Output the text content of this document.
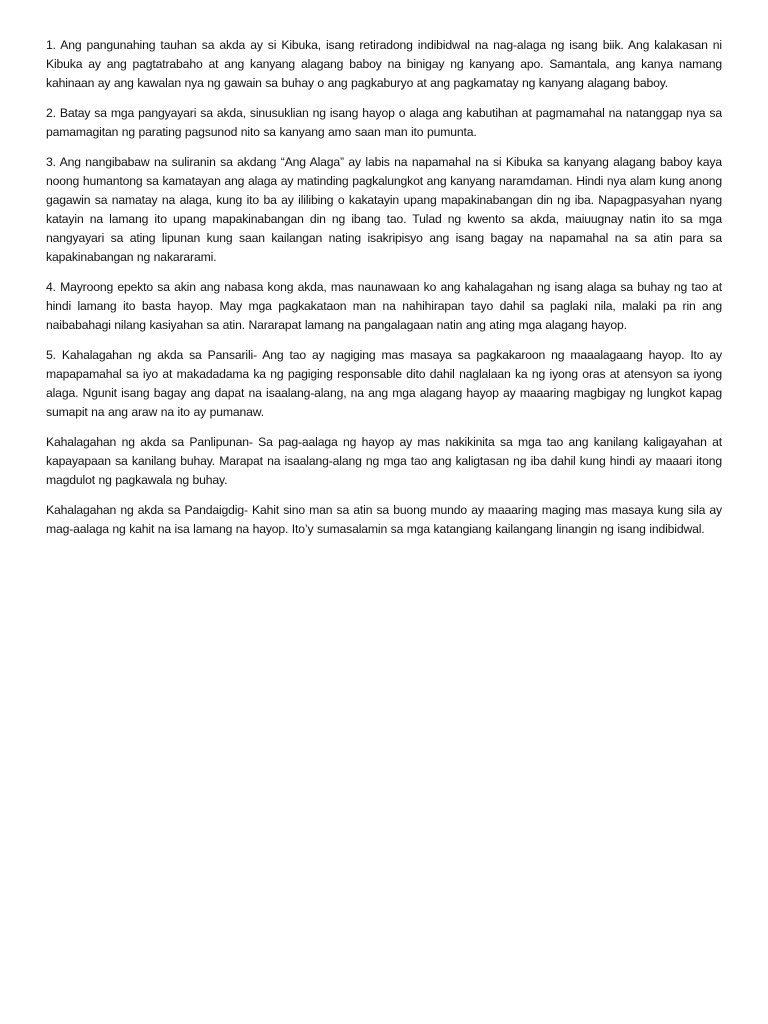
1. Ang pangunahing tauhan sa akda ay si Kibuka, isang retiradong indibidwal na nag-alaga ng isang biik. Ang kalakasan ni Kibuka ay ang pagtatrabaho at ang kanyang alagang baboy na binigay ng kanyang apo. Samantala, ang kanya namang kahinaan ay ang kawalan nya ng gawain sa buhay o ang pagkaburyo at ang pagkamatay ng kanyang alagang baboy.

2. Batay sa mga pangyayari sa akda, sinusuklian ng isang hayop o alaga ang kabutihan at pagmamahal na natanggap nya sa pamamagitan ng parating pagsunod nito sa kanyang amo saan man ito pumunta.

3. Ang nangibabaw na suliranin sa akdang “Ang Alaga” ay labis na napamahal na si Kibuka sa kanyang alagang baboy kaya noong humantong sa kamatayan ang alaga ay matinding pagkalungkot ang kanyang naramdaman. Hindi nya alam kung anong gagawin sa namatay na alaga, kung ito ba ay ililibing o kakatayin upang mapakinabangan din ng iba. Napagpasyahan nyang katayin na lamang ito upang mapakinabangan din ng ibang tao. Tulad ng kwento sa akda, maiuugnay natin ito sa mga nangyayari sa ating lipunan kung saan kailangan nating isakripisyo ang isang bagay na napamahal na sa atin para sa kapakinabangan ng nakararami.

4. Mayroong epekto sa akin ang nabasa kong akda, mas naunawaan ko ang kahalagahan ng isang alaga sa buhay ng tao at hindi lamang ito basta hayop. May mga pagkakataon man na nahihirapan tayo dahil sa paglaki nila, malaki pa rin ang naibabahagi nilang kasiyahan sa atin. Nararapat lamang na pangalagaan natin ang ating mga alagang hayop.

5. Kahalagahan ng akda sa Pansarili- Ang tao ay nagiging mas masaya sa pagkakaroon ng maaalagaang hayop. Ito ay mapapamahal sa iyo at makadadama ka ng pagiging responsable dito dahil naglalaan ka ng iyong oras at atensyon sa iyong alaga. Ngunit isang bagay ang dapat na isaalang-alang, na ang mga alagang hayop ay maaaring magbigay ng lungkot kapag sumapit na ang araw na ito ay pumanaw.

Kahalagahan ng akda sa Panlipunan- Sa pag-aalaga ng hayop ay mas nakikinita sa mga tao ang kanilang kaligayahan at kapayapaan sa kanilang buhay. Marapat na isaalang-alang ng mga tao ang kaligtasan ng iba dahil kung hindi ay maaari itong magdulot ng pagkawala ng buhay.

Kahalagahan ng akda sa Pandaigdig- Kahit sino man sa atin sa buong mundo ay maaaring maging mas masaya kung sila ay mag-aalaga ng kahit na isa lamang na hayop. Ito’y sumasalamin sa mga katangiang kailangang linangin ng isang indibidwal.
